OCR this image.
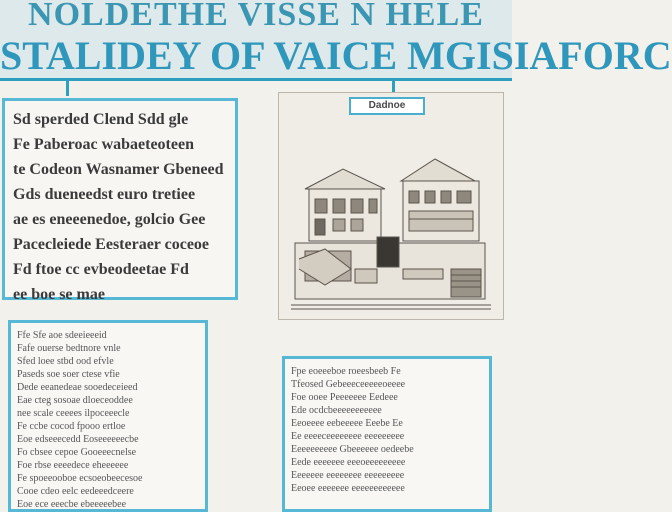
NOLDETHE VISSE N HELE
STALIDEY OF VAICE MGISIAFORC
Sd sperded Clend Sdd gle
Fe Paberoac wabaeteoteen
te Codeon Wasnamer Gbeneed
Gds dueneedst euro tretiee
ae es eneeenedoe, golcio Gee
Pacecleiede Eesteraer coceoe
Fd ftoe cc evbeodeetae Fd
ee boe se mae
Dadnoe
Ffe Sfe aoe sdeeieeeid
Fafe ouerse bedtnore vnle
Sfed loee stbd ood efvle
Paseds soe soer ctese vfie
Dede eeanedeae sooedeceieed
Eae cteg sosoae dloeceoddee
nee scale ceeees ilpoceeecle
Fe ccbe cocod fpooo ertloe
Eoe edseeecedd Eoseeeeeecbe
Fo cbsee cepoe Gooeeecnelse
Foe rbse eeeedece eheeeeee
Fe spoeeooboe ecsoeobeecesoe
Cooe cdeo eelc eedeeedceere
Eoe ece eeecbe ebeeeeebee
Fpe eoeeeboe roeesbeeb Fe
Tfeosed Gebeeeceeeeeoeeee
Foe ooee Peeeeeee Eedeee
Ede ocdcbeeeeeeeeeee
Eeoeeee eebeeeee Eeebe Ee
Ee eeeeceeeeeeee eeeeeeeee
Eeeeeeeeee Gbeeeeee oedeebe
Eede eeeeeee eeeoeeeeeeeee
Eeeeeee eeeeeeee eeeeeeeee
Eeoee eeeeeee eeeeeeeeeeee
